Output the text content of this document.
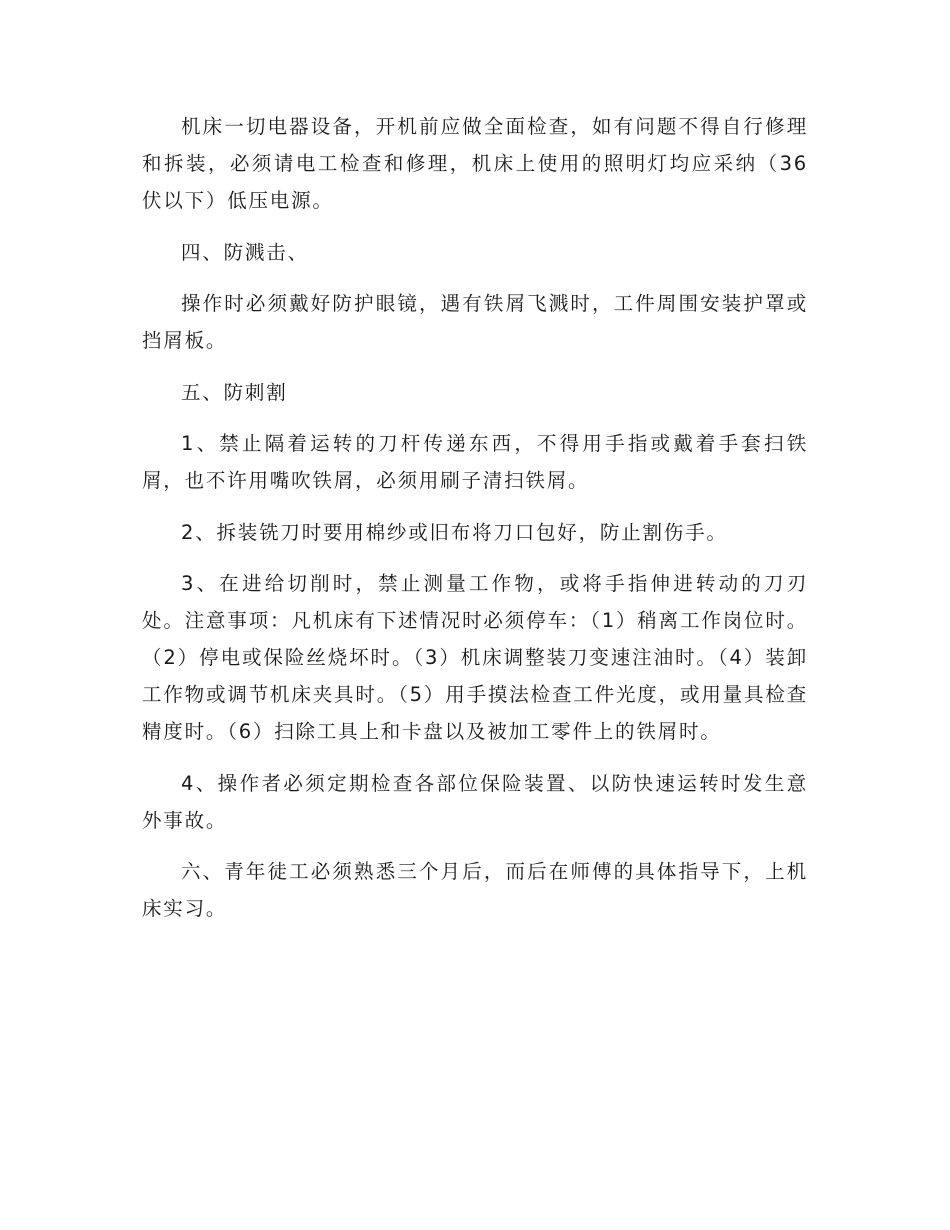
机床一切电器设备，开机前应做全面检查，如有问题不得自行修理和拆装，必须请电工检查和修理，机床上使用的照明灯均应采纳（36伏以下）低压电源。

四、防溅击、

操作时必须戴好防护眼镜，遇有铁屑飞溅时，工件周围安装护罩或挡屑板。

五、防刺割

1、禁止隔着运转的刀杆传递东西，不得用手指或戴着手套扫铁屑，也不许用嘴吹铁屑，必须用刷子清扫铁屑。

2、拆装铣刀时要用棉纱或旧布将刀口包好，防止割伤手。

3、在进给切削时，禁止测量工作物，或将手指伸进转动的刀刃处。注意事项：凡机床有下述情况时必须停车：（1）稍离工作岗位时。（2）停电或保险丝烧坏时。（3）机床调整装刀变速注油时。（4）装卸工作物或调节机床夹具时。（5）用手摸法检查工件光度，或用量具检查精度时。（6）扫除工具上和卡盘以及被加工零件上的铁屑时。

4、操作者必须定期检查各部位保险装置、以防快速运转时发生意外事故。

六、青年徒工必须熟悉三个月后，而后在师傅的具体指导下，上机床实习。
